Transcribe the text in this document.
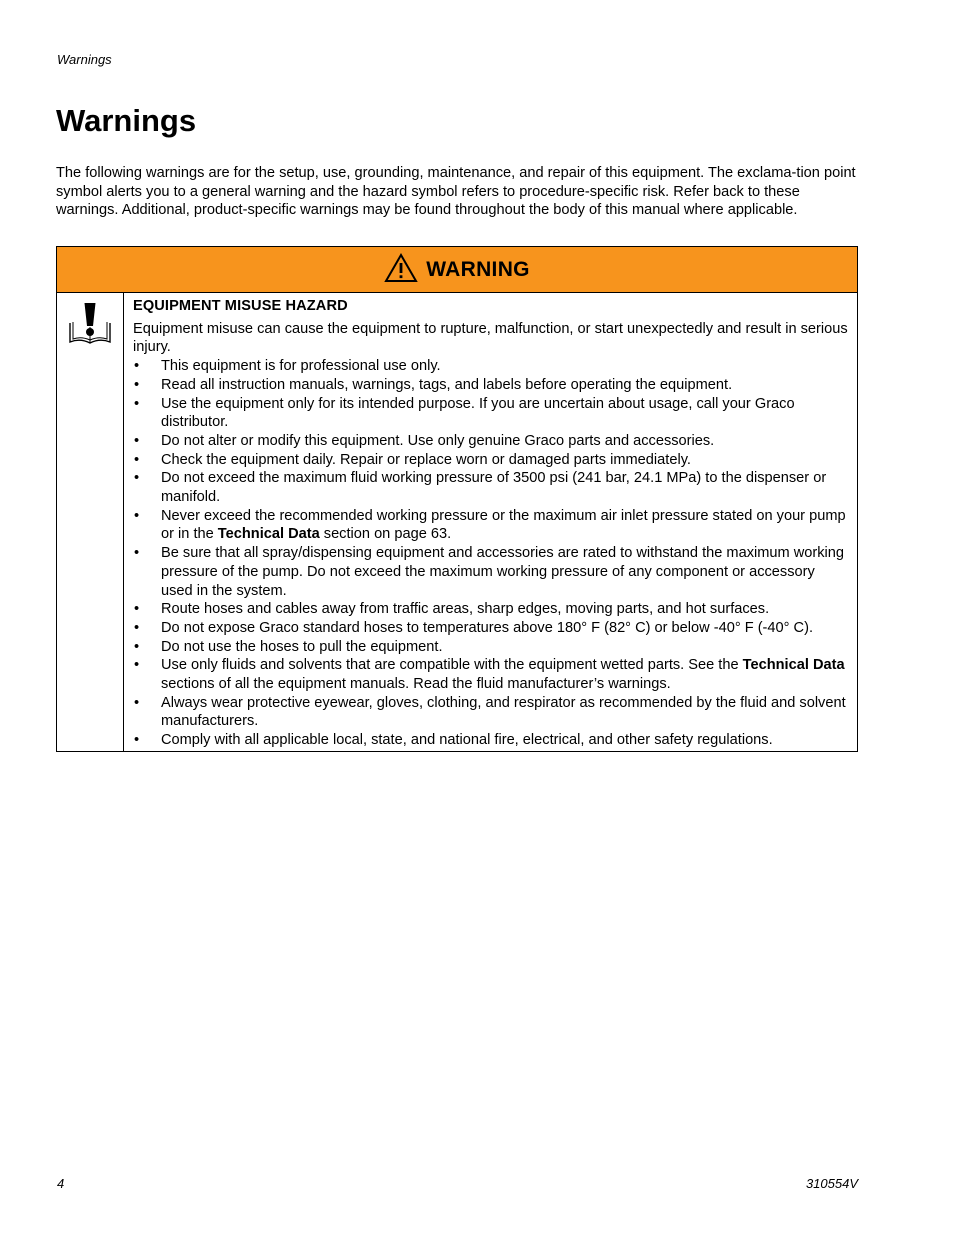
Warnings
Warnings

The following warnings are for the setup, use, grounding, maintenance, and repair of this equipment. The exclama-tion point symbol alerts you to a general warning and the hazard symbol refers to procedure-specific risk. Refer back to these warnings. Additional, product-specific warnings may be found throughout the body of this manual where applicable.

WARNING
EQUIPMENT MISUSE HAZARD

Equipment misuse can cause the equipment to rupture, malfunction, or start unexpectedly and result in serious injury.

• This equipment is for professional use only.
• Read all instruction manuals, warnings, tags, and labels before operating the equipment.
• Use the equipment only for its intended purpose. If you are uncertain about usage, call your Graco distributor.
• Do not alter or modify this equipment. Use only genuine Graco parts and accessories.
• Check the equipment daily. Repair or replace worn or damaged parts immediately.
• Do not exceed the maximum fluid working pressure of 3500 psi (241 bar, 24.1 MPa) to the dispenser or manifold.
• Never exceed the recommended working pressure or the maximum air inlet pressure stated on your pump or in the Technical Data section on page 63.
• Be sure that all spray/dispensing equipment and accessories are rated to withstand the maximum working pressure of the pump. Do not exceed the maximum working pressure of any component or accessory used in the system.
• Route hoses and cables away from traffic areas, sharp edges, moving parts, and hot surfaces.
• Do not expose Graco standard hoses to temperatures above 180° F (82° C) or below -40° F (-40° C).
• Do not use the hoses to pull the equipment.
• Use only fluids and solvents that are compatible with the equipment wetted parts. See the Technical Data sections of all the equipment manuals. Read the fluid manufacturer’s warnings.
• Always wear protective eyewear, gloves, clothing, and respirator as recommended by the fluid and solvent manufacturers.
• Comply with all applicable local, state, and national fire, electrical, and other safety regulations.
4	310554V
